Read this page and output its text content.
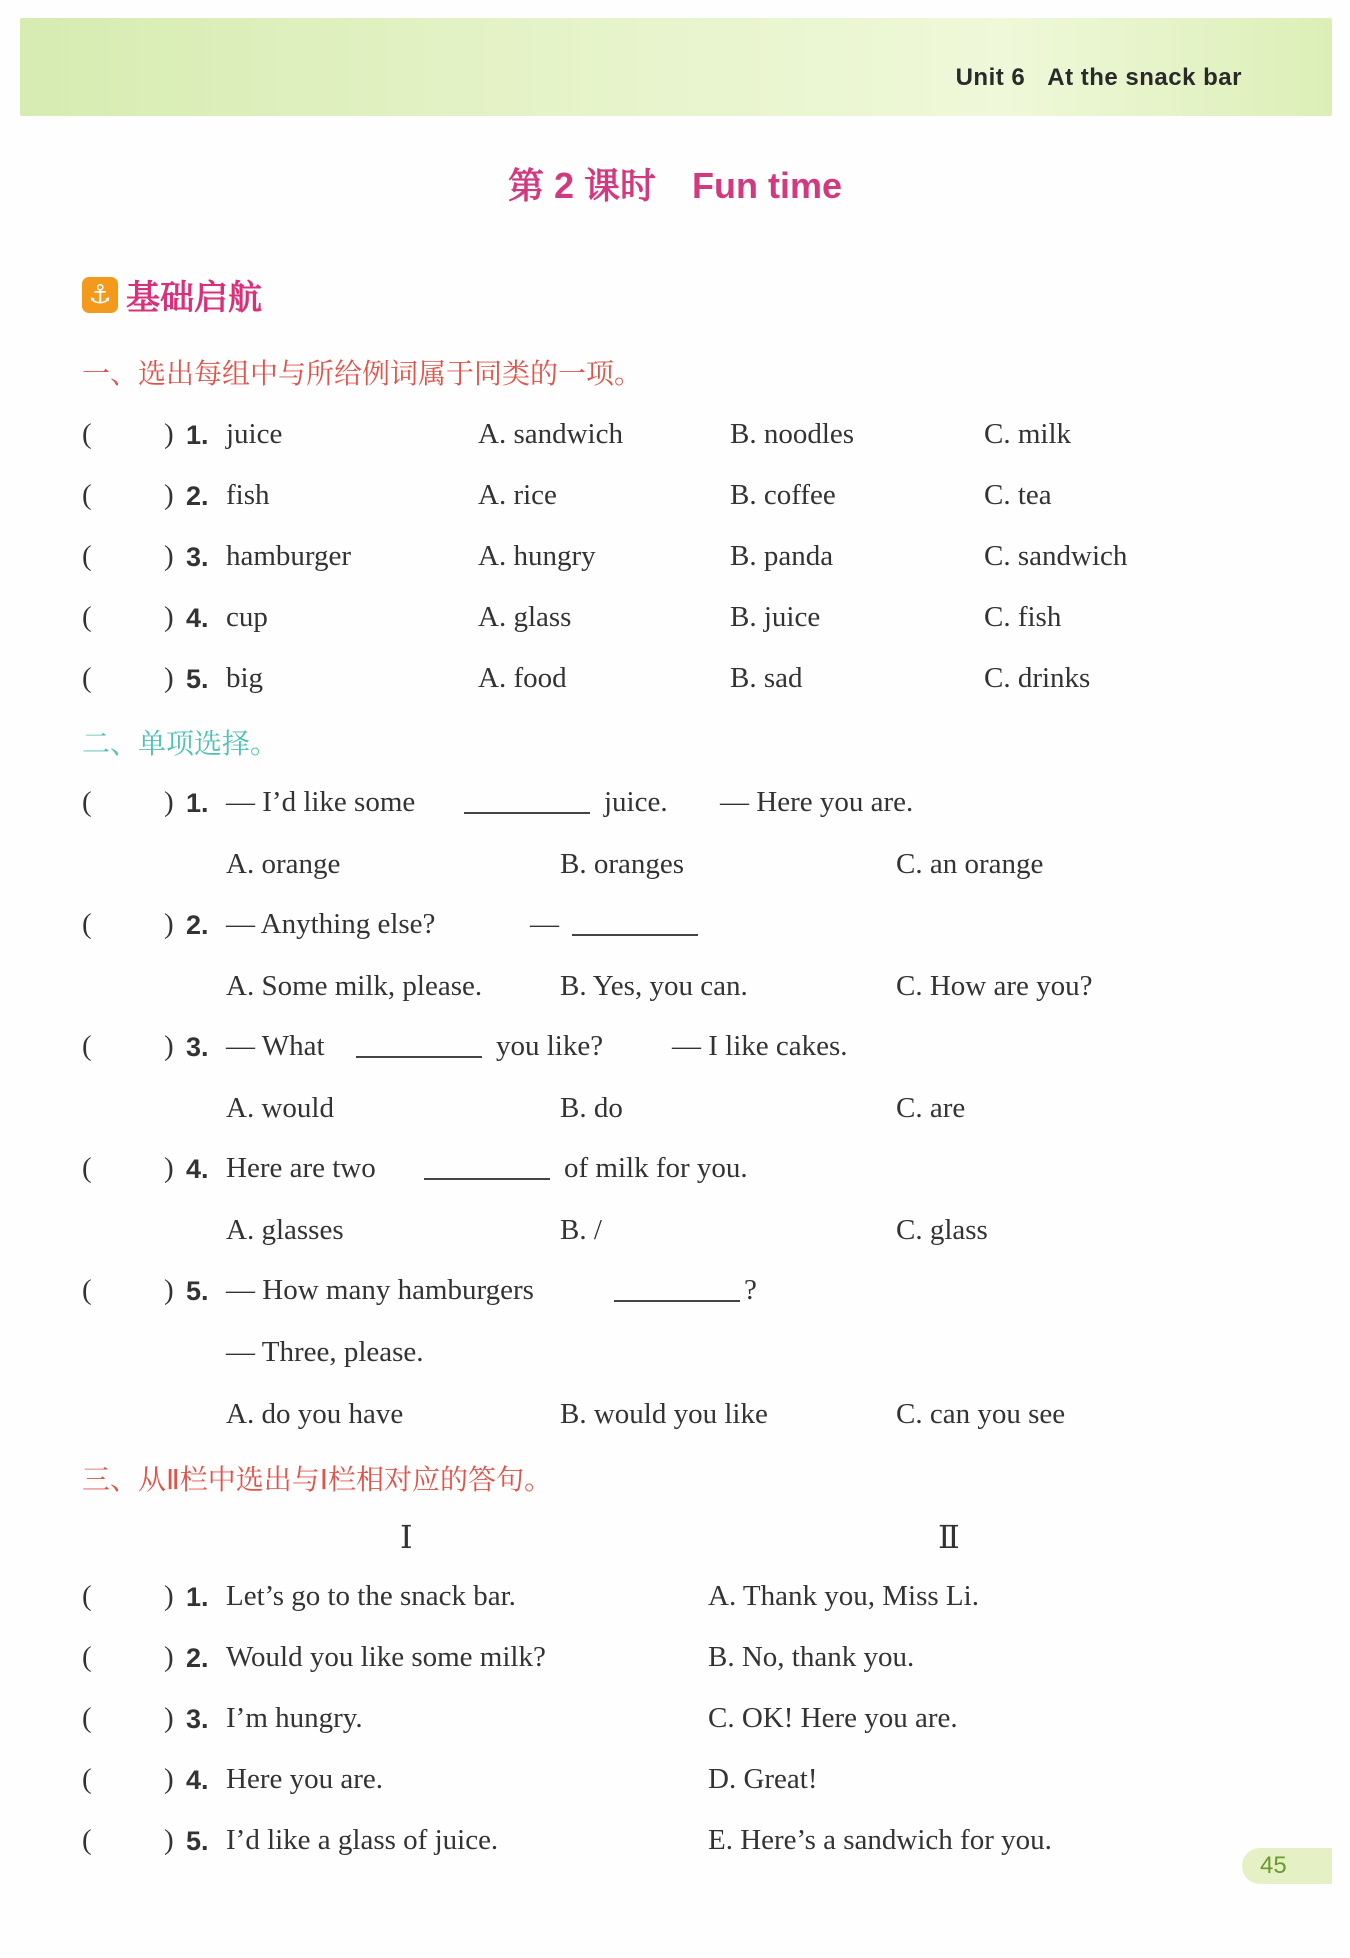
Unit 6 At the snack bar
第 2 课时 Fun time
⚓ 基础启航
一、选出每组中与所给例词属于同类的一项。
( ) 1. juice	A. sandwich	B. noodles	C. milk
( ) 2. fish	A. rice	B. coffee	C. tea
( ) 3. hamburger	A. hungry	B. panda	C. sandwich
( ) 4. cup	A. glass	B. juice	C. fish
( ) 5. big	A. food	B. sad	C. drinks
二、单项选择。
( ) 1. — I’d like some	juice. — Here you are.
A. orange	B. oranges	C. an orange
( ) 2. — Anything else?	—
A. Some milk, please.	B. Yes, you can.	C. How are you?
( ) 3. — What	you like? — I like cakes.
A. would	B. do	C. are
( ) 4. Here are two	of milk for you.
A. glasses	B. /	C. glass
( ) 5. — How many hamburgers	?
— Three, please.
A. do you have	B. would you like	C. can you see
三、从Ⅱ栏中选出与Ⅰ栏相对应的答句。
Ⅰ	Ⅱ
( ) 1. Let’s go to the snack bar.	A. Thank you, Miss Li.
( ) 2. Would you like some milk?	B. No, thank you.
( ) 3. I’m hungry.	C. OK! Here you are.
( ) 4. Here you are.	D. Great!
( ) 5. I’d like a glass of juice.	E. Here’s a sandwich for you.
45
